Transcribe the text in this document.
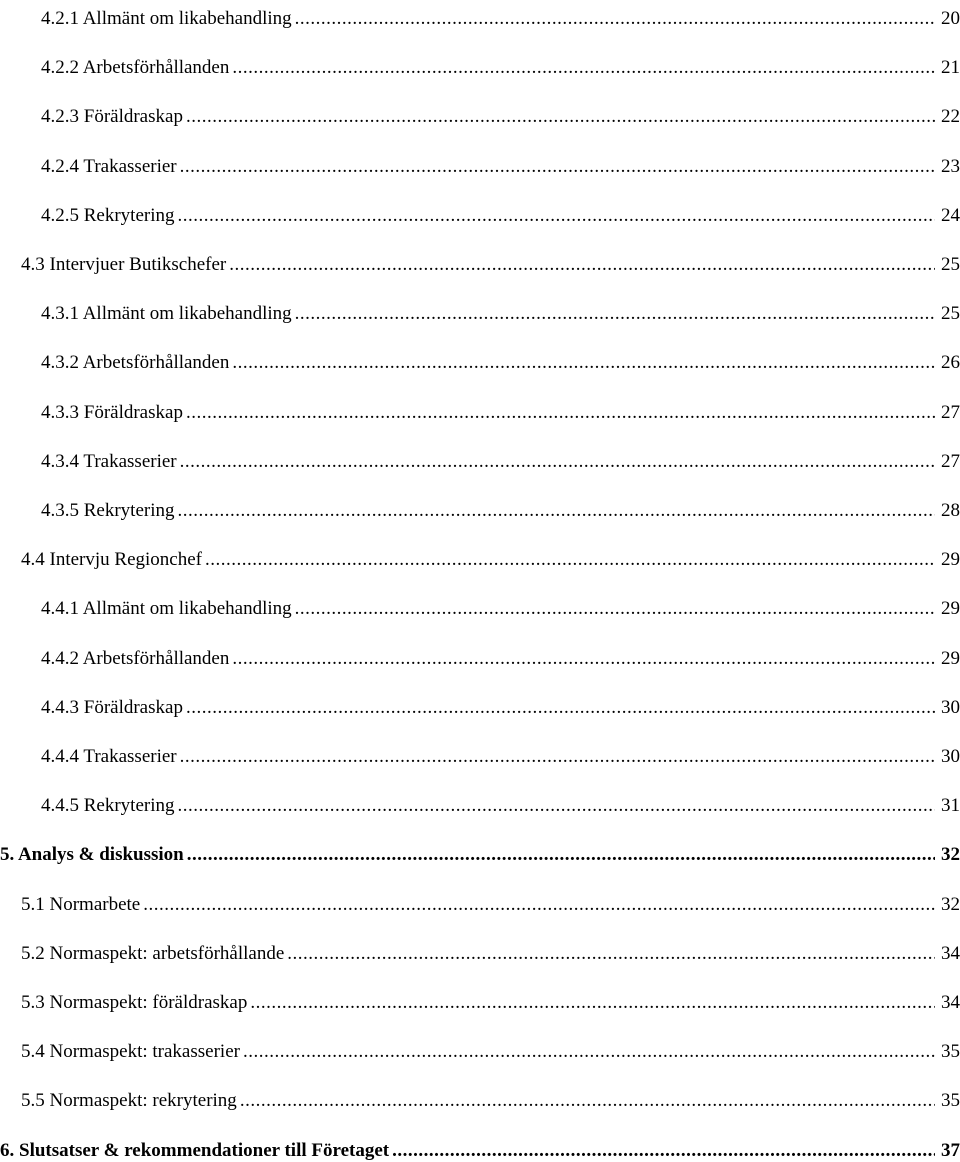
4.2.1 Allmänt om likabehandling .....	20
4.2.2 Arbetsförhållanden .....	21
4.2.3 Föräldraskap .....	22
4.2.4 Trakasserier .....	23
4.2.5 Rekrytering .....	24
4.3 Intervjuer Butikschefer .....	25
4.3.1 Allmänt om likabehandling .....	25
4.3.2 Arbetsförhållanden .....	26
4.3.3 Föräldraskap .....	27
4.3.4 Trakasserier .....	27
4.3.5 Rekrytering .....	28
4.4 Intervju Regionchef .....	29
4.4.1 Allmänt om likabehandling .....	29
4.4.2 Arbetsförhållanden .....	29
4.4.3 Föräldraskap .....	30
4.4.4 Trakasserier .....	30
4.4.5 Rekrytering .....	31
5. Analys & diskussion .....	32
5.1 Normarbete .....	32
5.2 Normaspekt: arbetsförhållande .....	34
5.3 Normaspekt: föräldraskap .....	34
5.4 Normaspekt: trakasserier .....	35
5.5 Normaspekt: rekrytering .....	35
6. Slutsatser & rekommendationer till Företaget .....	37
